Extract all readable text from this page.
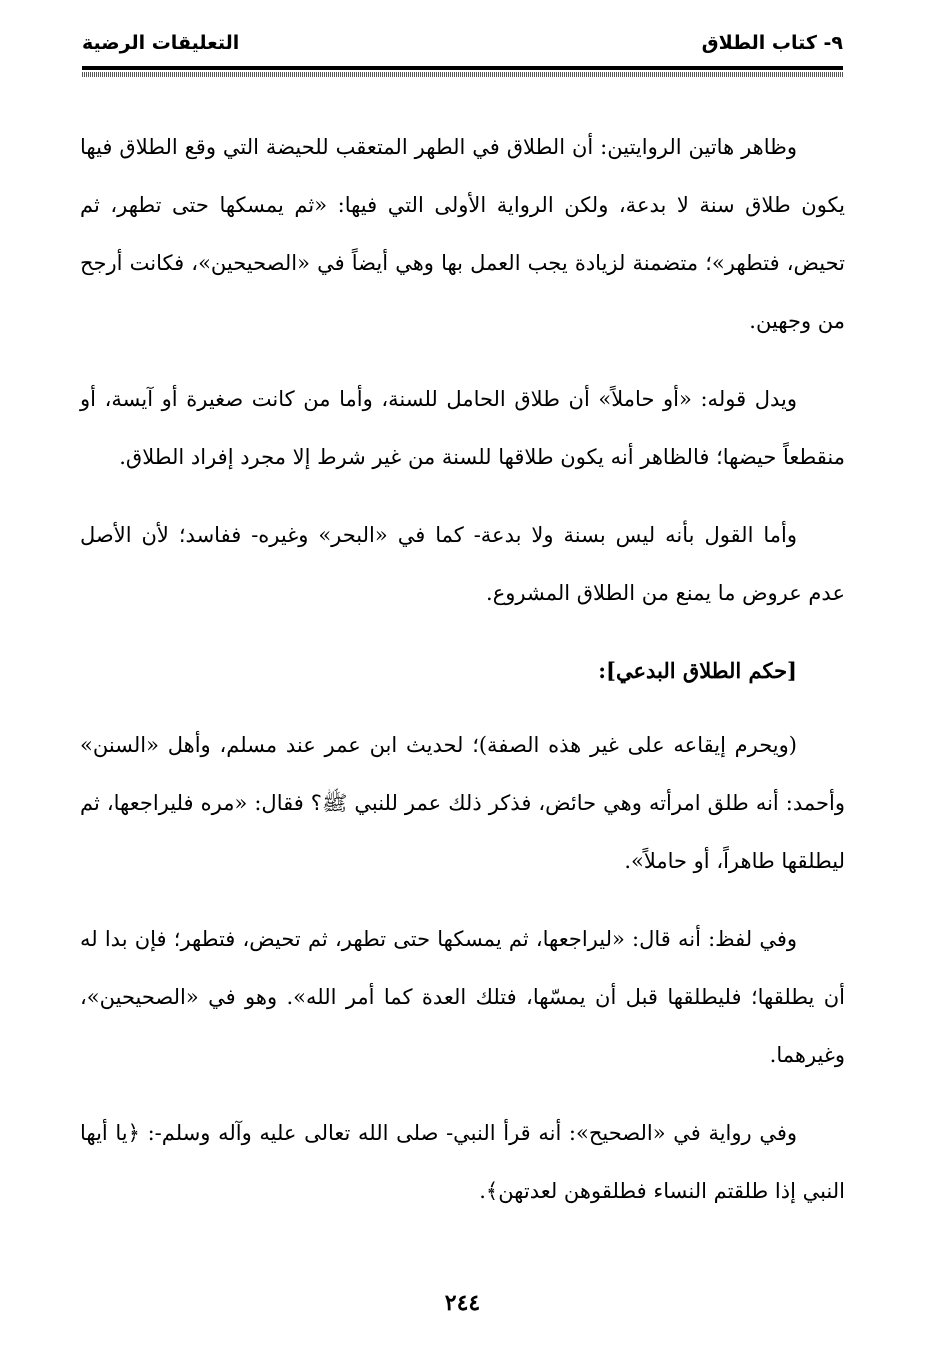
٩- كتاب الطلاق
التعليقات الرضية

وظاهر هاتين الروايتين: أن الطلاق في الطهر المتعقب للحيضة التي وقع الطلاق فيها يكون طلاق سنة لا بدعة، ولكن الرواية الأولى التي فيها: «ثم يمسكها حتى تطهر، ثم تحيض، فتطهر»؛ متضمنة لزيادة يجب العمل بها وهي أيضاً في «الصحيحين»، فكانت أرجح من وجهين.

ويدل قوله: «أو حاملاً» أن طلاق الحامل للسنة، وأما من كانت صغيرة أو آيسة، أو منقطعاً حيضها؛ فالظاهر أنه يكون طلاقها للسنة من غير شرط إلا مجرد إفراد الطلاق.

وأما القول بأنه ليس بسنة ولا بدعة- كما في «البحر» وغيره- ففاسد؛ لأن الأصل عدم عروض ما يمنع من الطلاق المشروع.

[حكم الطلاق البدعي]:

(ويحرم إيقاعه على غير هذه الصفة)؛ لحديث ابن عمر عند مسلم، وأهل «السنن» وأحمد: أنه طلق امرأته وهي حائض، فذكر ذلك عمر للنبي ﷺ؟ فقال: «مره فليراجعها، ثم ليطلقها طاهراً، أو حاملاً».

وفي لفظ: أنه قال: «ليراجعها، ثم يمسكها حتى تطهر، ثم تحيض، فتطهر؛ فإن بدا له أن يطلقها؛ فليطلقها قبل أن يمسّها، فتلك العدة كما أمر الله». وهو في «الصحيحين»، وغيرهما.

وفي رواية في «الصحيح»: أنه قرأ النبي- صلى الله تعالى عليه وآله وسلم-: ﴿يا أيها النبي إذا طلقتم النساء فطلقوهن لعدتهن﴾.

٢٤٤
